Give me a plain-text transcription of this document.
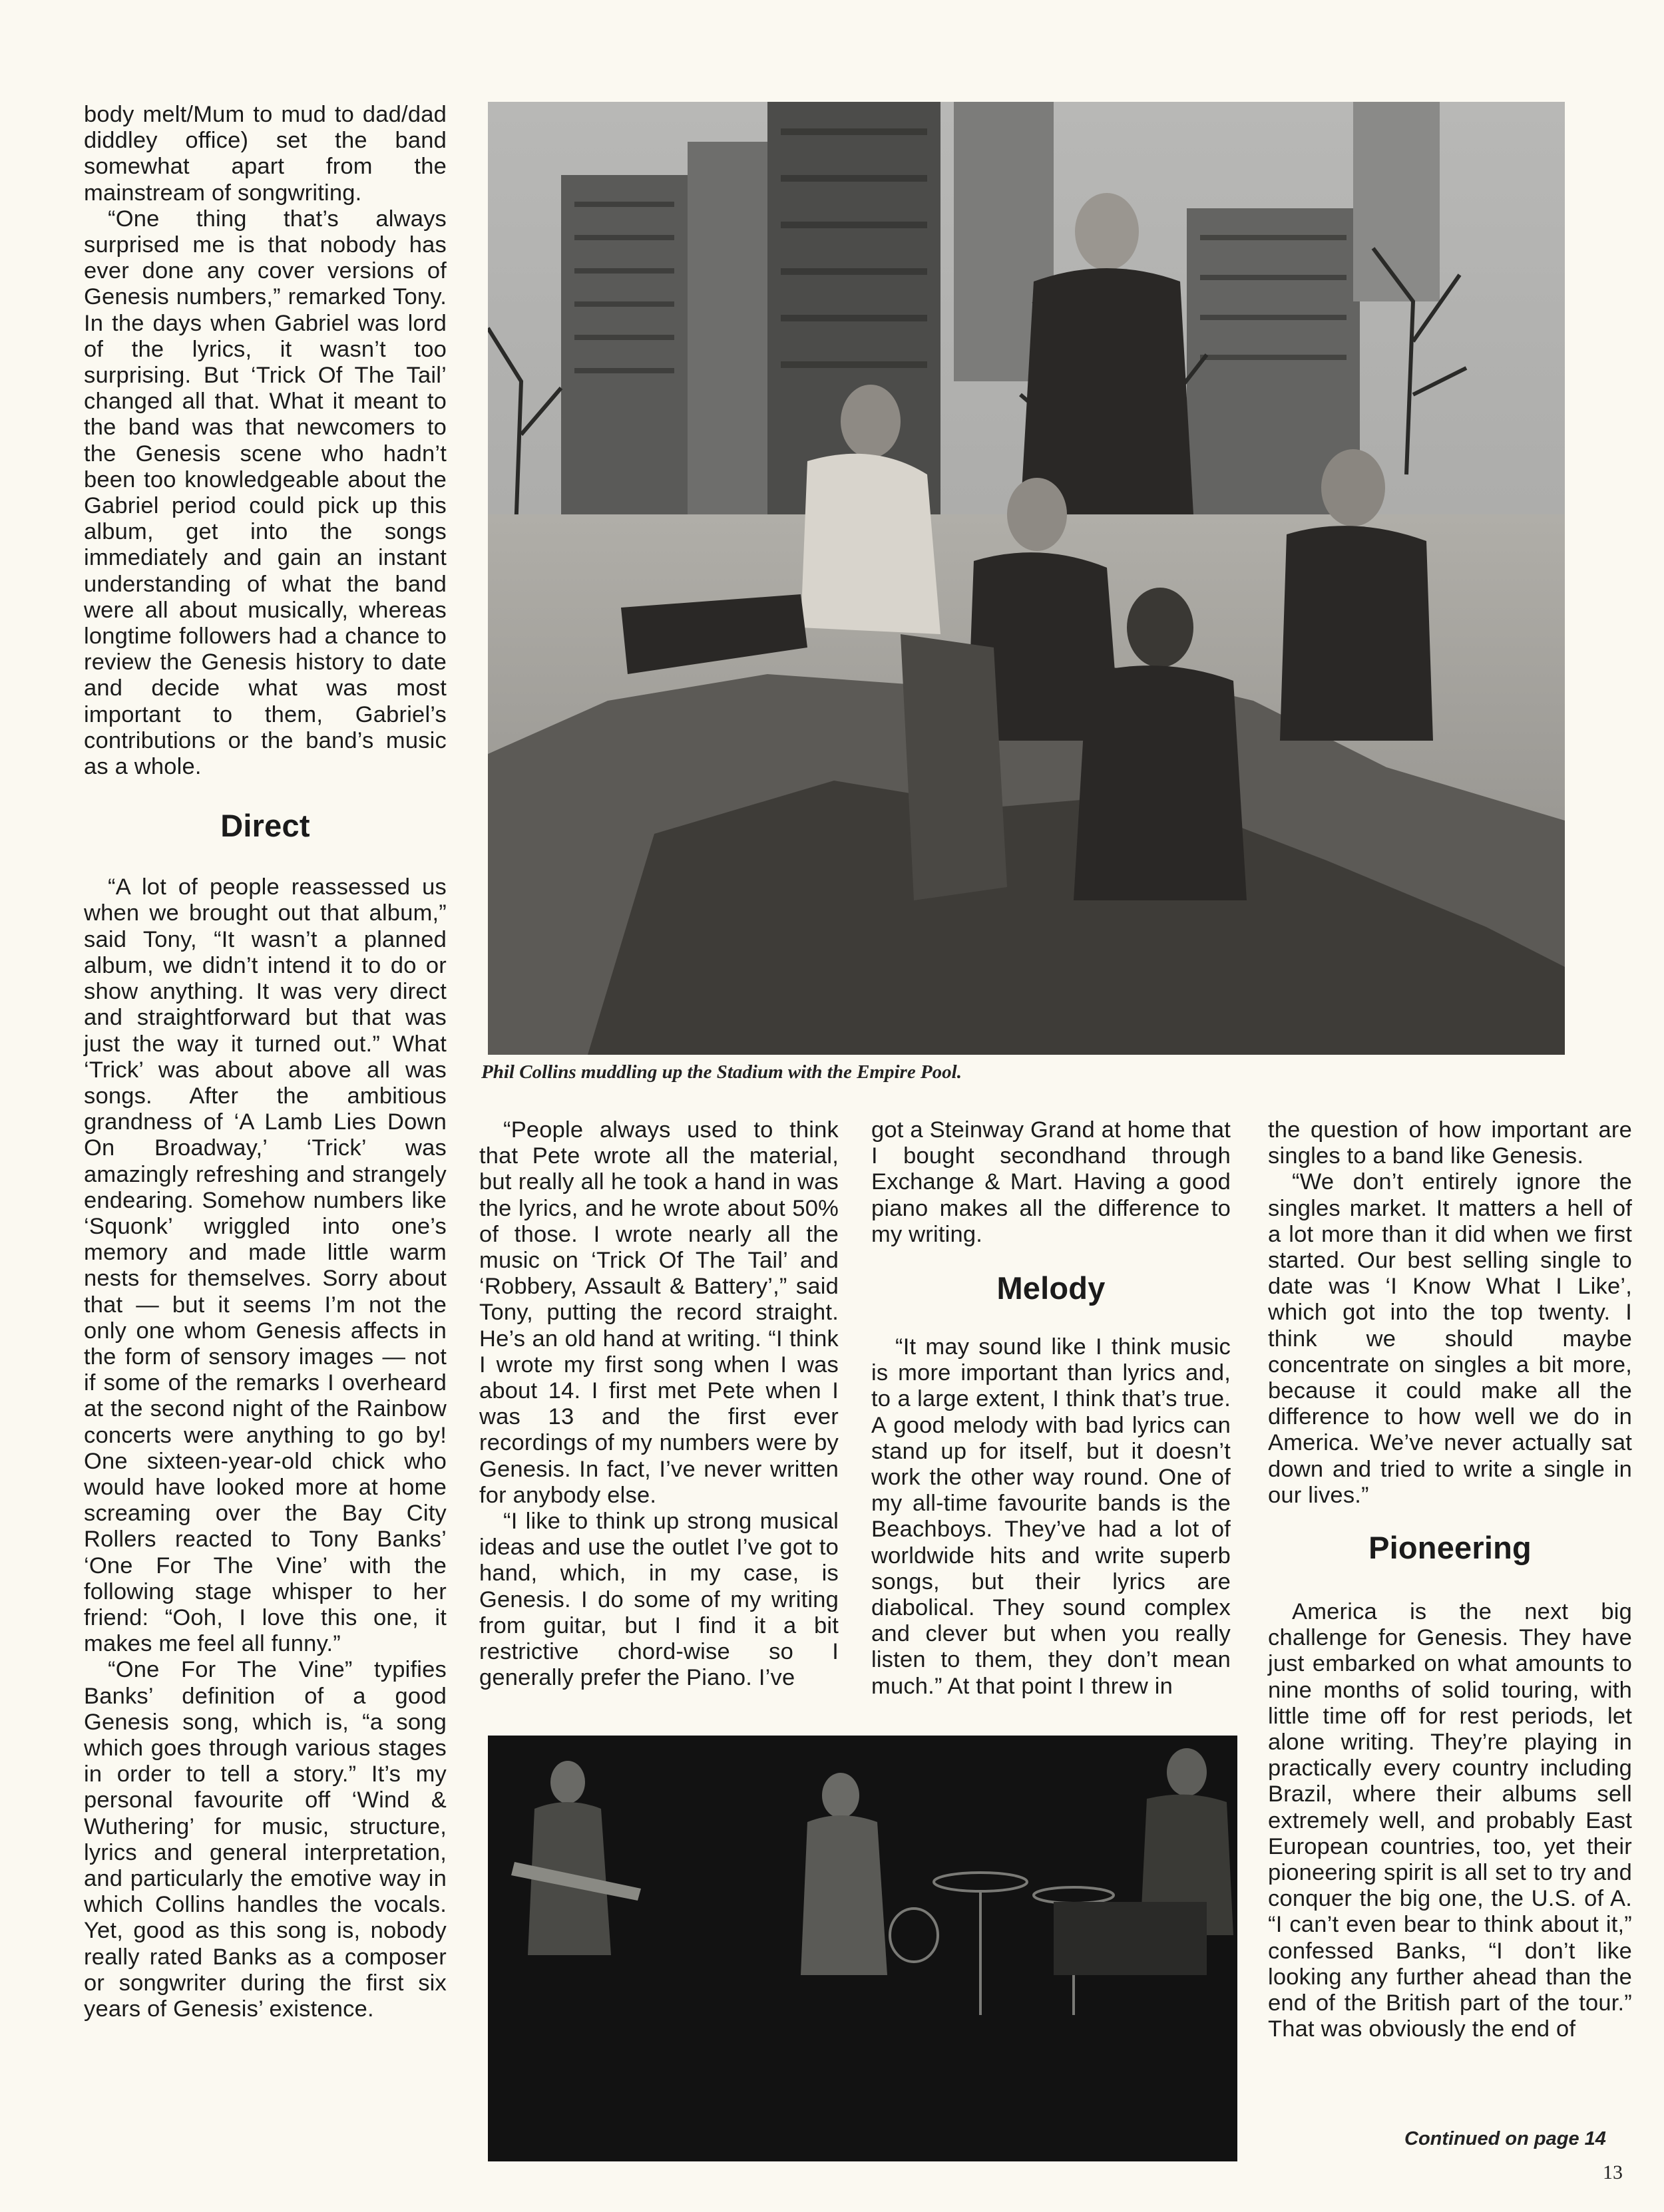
body melt/Mum to mud to dad/dad diddley office) set the band somewhat apart from the mainstream of songwriting.

“One thing that’s always surprised me is that nobody has ever done any cover versions of Genesis numbers,” remarked Tony. In the days when Gabriel was lord of the lyrics, it wasn’t too surprising. But ‘Trick Of The Tail’ changed all that. What it meant to the band was that newcomers to the Genesis scene who hadn’t been too knowledgeable about the Gabriel period could pick up this album, get into the songs immediately and gain an instant understanding of what the band were all about musically, whereas longtime followers had a chance to review the Genesis history to date and decide what was most important to them, Gabriel’s contributions or the band’s music as a whole.

Direct

“A lot of people reassessed us when we brought out that album,” said Tony, “It wasn’t a planned album, we didn’t intend it to do or show anything. It was very direct and straightforward but that was just the way it turned out.” What ‘Trick’ was about above all was songs. After the ambitious grandness of ‘A Lamb Lies Down On Broadway,’ ‘Trick’ was amazingly refreshing and strangely endearing. Somehow numbers like ‘Squonk’ wriggled into one’s memory and made little warm nests for themselves. Sorry about that — but it seems I’m not the only one whom Genesis affects in the form of sensory images — not if some of the remarks I overheard at the second night of the Rainbow concerts were anything to go by! One sixteen-year-old chick who would have looked more at home screaming over the Bay City Rollers reacted to Tony Banks’ ‘One For The Vine’ with the following stage whisper to her friend: “Ooh, I love this one, it makes me feel all funny.”

“One For The Vine” typifies Banks’ definition of a good Genesis song, which is, “a song which goes through various stages in order to tell a story.” It’s my personal favourite off ‘Wind & Wuthering’ for music, structure, lyrics and general interpretation, and particularly the emotive way in which Collins handles the vocals. Yet, good as this song is, nobody really rated Banks as a composer or songwriter during the first six years of Genesis’ existence.

Phil Collins muddling up the Stadium with the Empire Pool.

“People always used to think that Pete wrote all the material, but really all he took a hand in was the lyrics, and he wrote about 50% of those. I wrote nearly all the music on ‘Trick Of The Tail’ and ‘Robbery, Assault & Battery’,” said Tony, putting the record straight. He’s an old hand at writing. “I think I wrote my first song when I was about 14. I first met Pete when I was 13 and the first ever recordings of my numbers were by Genesis. In fact, I’ve never written for anybody else.

“I like to think up strong musical ideas and use the outlet I’ve got to hand, which, in my case, is Genesis. I do some of my writing from guitar, but I find it a bit restrictive chord-wise so I generally prefer the Piano. I’ve

got a Steinway Grand at home that I bought secondhand through Exchange & Mart. Having a good piano makes all the difference to my writing.

Melody

“It may sound like I think music is more important than lyrics and, to a large extent, I think that’s true. A good melody with bad lyrics can stand up for itself, but it doesn’t work the other way round. One of my all-time favourite bands is the Beachboys. They’ve had a lot of worldwide hits and write superb songs, but their lyrics are diabolical. They sound complex and clever but when you really listen to them, they don’t mean much.” At that point I threw in

the question of how important are singles to a band like Genesis.

“We don’t entirely ignore the singles market. It matters a hell of a lot more than it did when we first started. Our best selling single to date was ‘I Know What I Like’, which got into the top twenty. I think we should maybe concentrate on singles a bit more, because it could make all the difference to how well we do in America. We’ve never actually sat down and tried to write a single in our lives.”

Pioneering

America is the next big challenge for Genesis. They have just embarked on what amounts to nine months of solid touring, with little time off for rest periods, let alone writing. They’re playing in practically every country including Brazil, where their albums sell extremely well, and probably East European countries, too, yet their pioneering spirit is all set to try and conquer the big one, the U.S. of A. “I can’t even bear to think about it,” confessed Banks, “I don’t like looking any further ahead than the end of the British part of the tour.” That was obviously the end of

Continued on page 14
13
